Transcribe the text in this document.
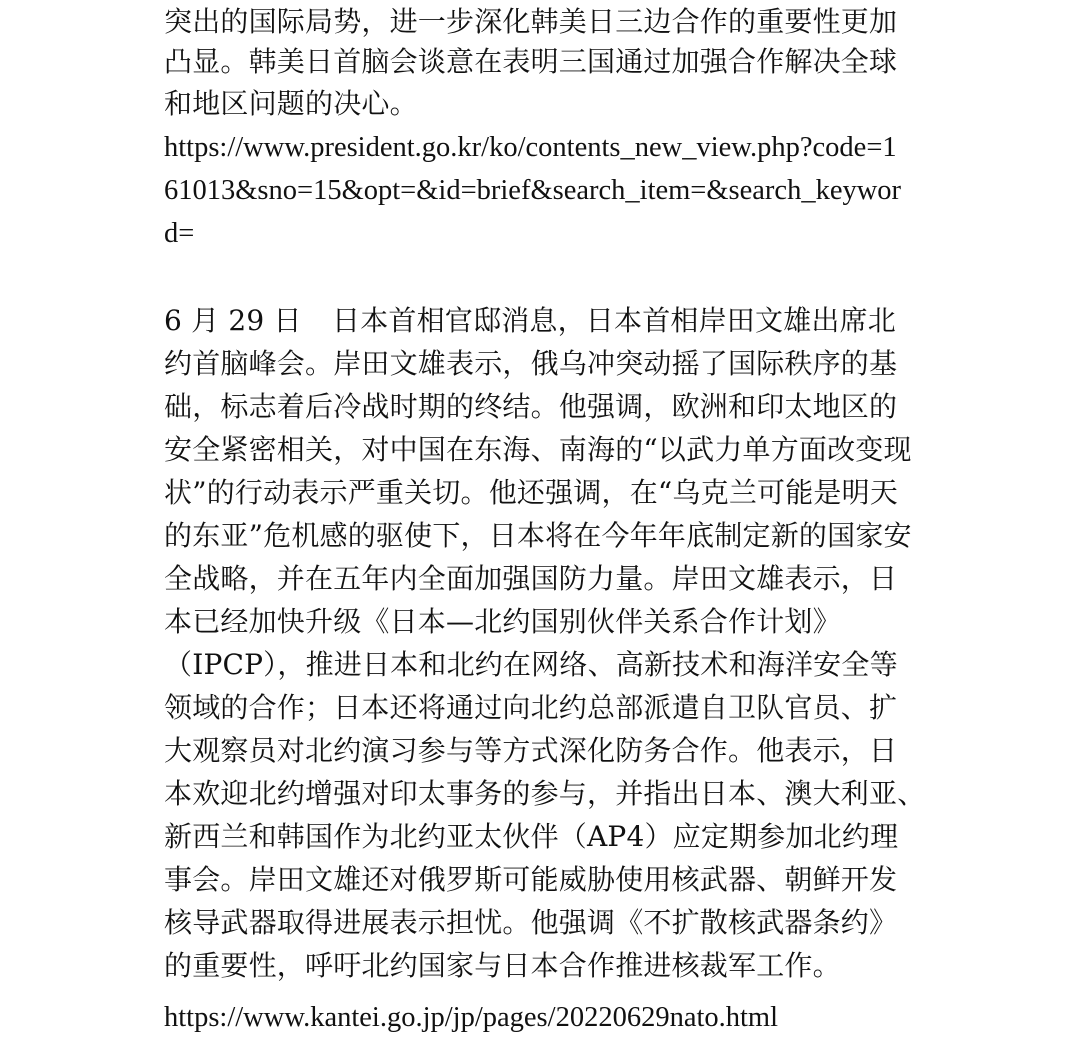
突出的国际局势，进一步深化韩美日三边合作的重要性更加
凸显。韩美日首脑会谈意在表明三国通过加强合作解决全球
和地区问题的决心。
https://www.president.go.kr/ko/contents_new_view.php?code=1
61013&sno=15&opt=&id=brief&search_item=&search_keywor
d=
6 月 29 日 日本首相官邸消息，日本首相岸田文雄出席北
约首脑峰会。岸田文雄表示，俄乌冲突动摇了国际秩序的基
础，标志着后冷战时期的终结。他强调，欧洲和印太地区的
安全紧密相关，对中国在东海、南海的“以武力单方面改变现
状”的行动表示严重关切。他还强调，在“乌克兰可能是明天
的东亚”危机感的驱使下，日本将在今年年底制定新的国家安
全战略，并在五年内全面加强国防力量。岸田文雄表示，日
本已经加快升级《日本—北约国别伙伴关系合作计划》
（IPCP），推进日本和北约在网络、高新技术和海洋安全等
领域的合作；日本还将通过向北约总部派遣自卫队官员、扩
大观察员对北约演习参与等方式深化防务合作。他表示，日
本欢迎北约增强对印太事务的参与，并指出日本、澳大利亚、
新西兰和韩国作为北约亚太伙伴（AP4）应定期参加北约理
事会。岸田文雄还对俄罗斯可能威胁使用核武器、朝鲜开发
核导武器取得进展表示担忧。他强调《不扩散核武器条约》
的重要性，呼吁北约国家与日本合作推进核裁军工作。
https://www.kantei.go.jp/jp/pages/20220629nato.html
